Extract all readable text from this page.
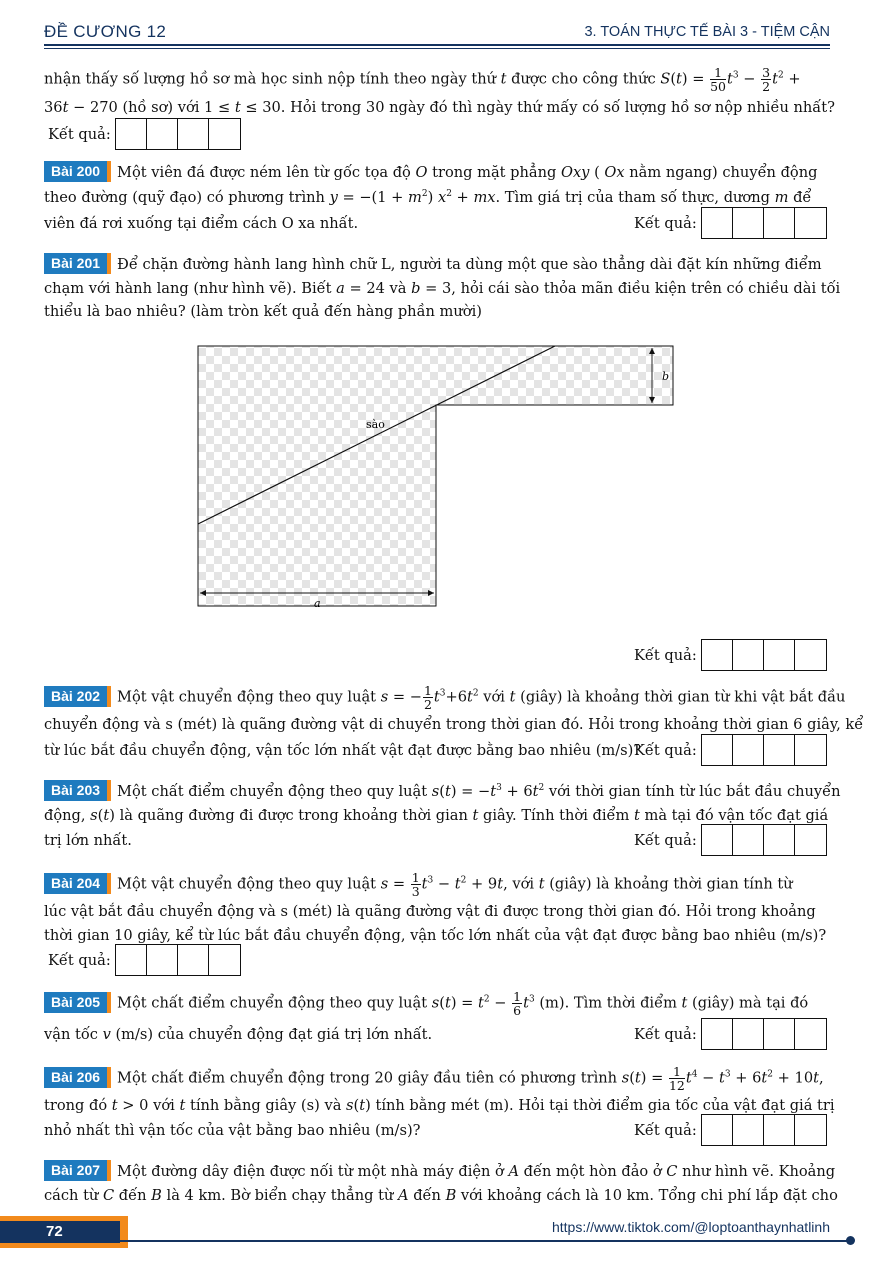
ĐỀ CƯƠNG 12	3. TOÁN THỰC TẾ BÀI 3 - TIỆM CẬN
nhận thấy số lượng hồ sơ mà học sinh nộp tính theo ngày thứ t được cho công thức $S(t) = \frac{1}{50} t^3 - \frac{3}{2} t^2$ +
36t − 270 (hồ sơ) với 1 ≤ t ≤ 30. Hỏi trong 30 ngày đó thì ngày thứ mấy có số lượng hồ sơ nộp nhiều nhất?
Kết quả:
Bài 200 Một viên đá được ném lên từ gốc tọa độ O trong mặt phẳng Oxy ( Ox nằm ngang) chuyển động
theo đường (quỹ đạo) có phương trình $y = -(1 + m^2)$ $x^2$ + mx. Tìm giá trị của tham số thực, dương m để
viên đá rơi xuống tại điểm cách O xa nhất.	Kết quả:
Bài 201 Để chặn đường hành lang hình chữ L, người ta dùng một que sào thẳng dài đặt kín những điểm
chạm với hành lang (như hình vẽ). Biết a = 24 và b = 3, hỏi cái sào thỏa mãn điều kiện trên có chiều dài tối
thiểu là bao nhiêu? (làm tròn kết quả đến hàng phần mười)
b
a
sào
Kết quả:
Bài 202 Một vật chuyển động theo quy luật s = − $\frac{1}{2} t^3+6t^2$ với t (giây) là khoảng thời gian từ khi vật bắt đầu
chuyển động và s (mét) là quãng đường vật di chuyển trong thời gian đó. Hỏi trong khoảng thời gian 6 giây, kể
từ lúc bắt đầu chuyển động, vận tốc lớn nhất vật đạt được bằng bao nhiêu (m/s)?
Kết quả:
Bài 203 Một chất điểm chuyển động theo quy luật $s(t) = -t^3 + 6t^2$ với thời gian tính từ lúc bắt đầu chuyển
động, s(t) là quãng đường đi được trong khoảng thời gian t giây. Tính thời điểm t mà tại đó vận tốc đạt giá
trị lớn nhất.	Kết quả:
Bài 204 Một vật chuyển động theo quy luật $s = \frac{1}{3} t^3 - t^2 + 9t$, với t (giây) là khoảng thời gian tính từ
lúc vật bắt đầu chuyển động và s (mét) là quãng đường vật đi được trong thời gian đó. Hỏi trong khoảng
thời gian 10 giây, kể từ lúc bắt đầu chuyển động, vận tốc lớn nhất của vật đạt được bằng bao nhiêu (m/s)?
Kết quả:
Bài 205 Một chất điểm chuyển động theo quy luật $s(t) = t^2 - \frac{1}{6} t^3$ (m). Tìm thời điểm t (giây) mà tại đó
vận tốc v (m/s) của chuyển động đạt giá trị lớn nhất.	Kết quả:
Bài 206 Một chất điểm chuyển động trong 20 giây đầu tiên có phương trình $s(t) = \frac{1}{12} t^4 - t^3 + 6t^2 + 10t$,
trong đó t > 0 với t tính bằng giây (s) và s(t) tính bằng mét (m). Hỏi tại thời điểm gia tốc của vật đạt giá trị
nhỏ nhất thì vận tốc của vật bằng bao nhiêu (m/s)?	Kết quả:
Bài 207 Một đường dây điện được nối từ một nhà máy điện ở A đến một hòn đảo ở C như hình vẽ. Khoảng
cách từ C đến B là 4 km. Bờ biển chạy thẳng từ A đến B với khoảng cách là 10 km. Tổng chi phí lắp đặt cho
72	https://www.tiktok.com/@loptoanthaynhatlinh
